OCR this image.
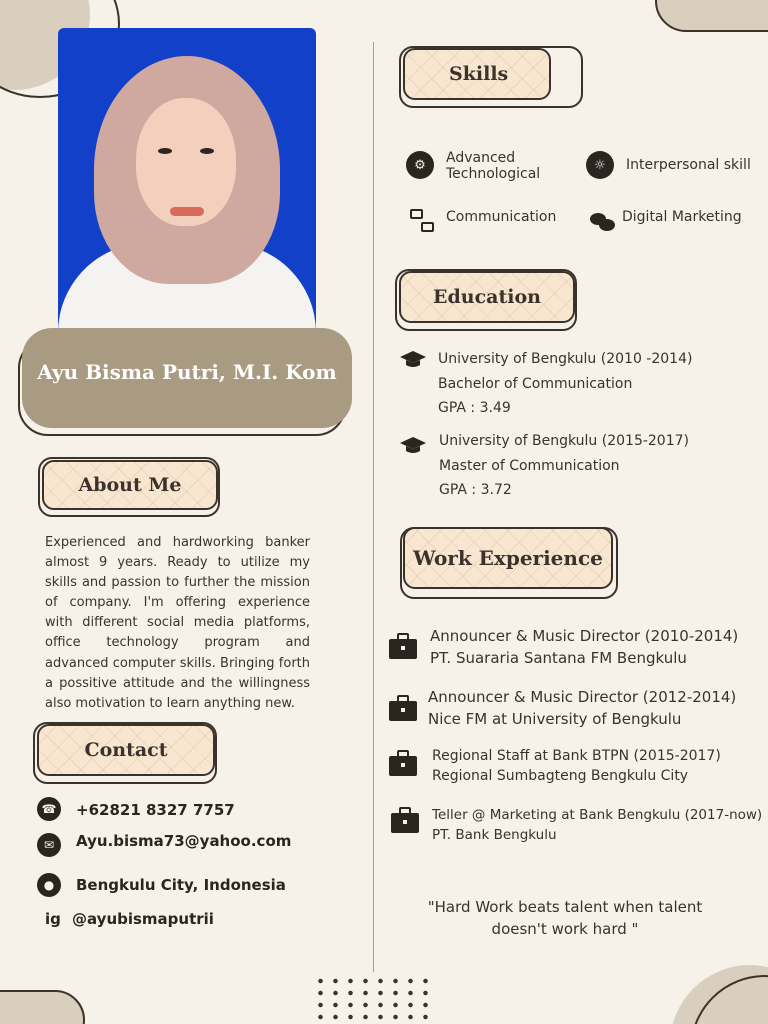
Ayu Bisma Putri, M.I. Kom
About Me
Experienced and hardworking banker almost 9 years. Ready to utilize my skills and passion to further the mission of company. I'm offering experience with different social media platforms, office technology program and advanced computer skills. Bringing forth a possitive attitude and the willingness also motivation to learn anything new.
Contact
☎	+62821 8327 7757
✉	Ayu.bisma73@yahoo.com
●	Bengkulu City, Indonesia
ig @ayubismaputrii
Skills
⚙	Advanced
Technological
☼	Interpersonal skill
Communication	Digital Marketing
Education
University of Bengkulu (2010 -2014)
Bachelor of Communication
GPA : 3.49
University of Bengkulu (2015-2017)
Master of Communication
GPA : 3.72
Work Experience
Announcer & Music Director (2010-2014)
PT. Suararia Santana FM Bengkulu
Announcer & Music Director (2012-2014)
Nice FM at University of Bengkulu
Regional Staff at Bank BTPN (2015-2017)
Regional Sumbagteng Bengkulu City
Teller @ Marketing at Bank Bengkulu (2017-now)
PT. Bank Bengkulu
"Hard Work beats talent when talent
doesn't work hard "
